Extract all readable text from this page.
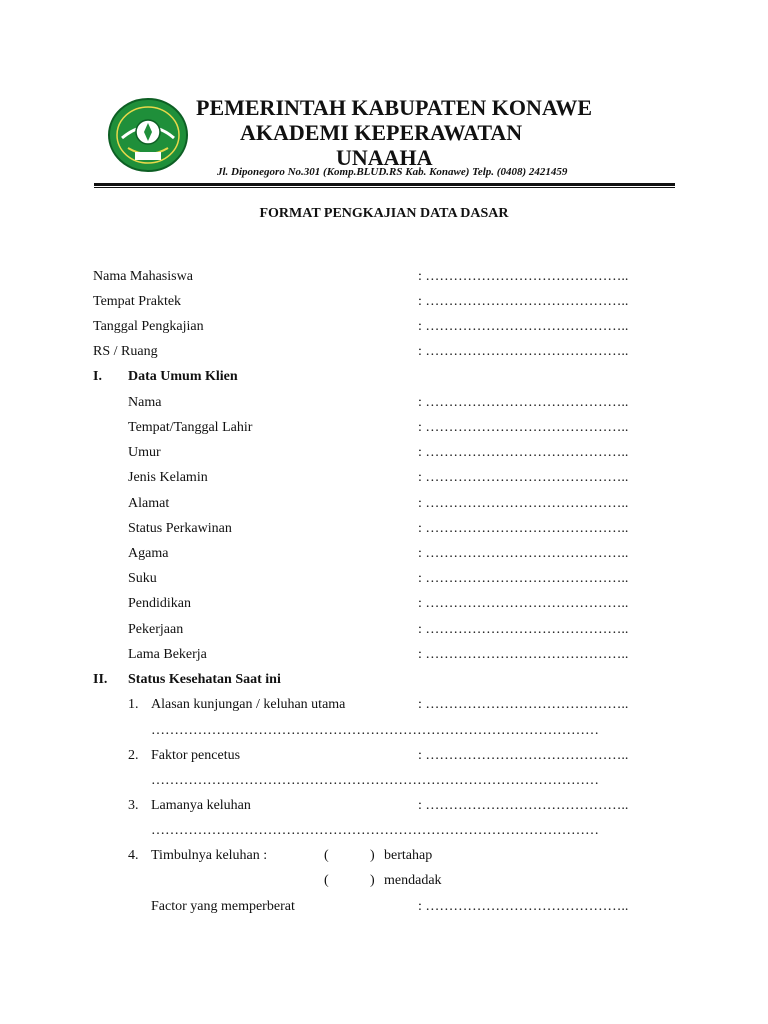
PEMERINTAH KABUPATEN KONAWE
AKADEMI KEPERAWATAN
UNAAHA
Jl. Diponegoro No.301 (Komp.BLUD.RS Kab. Konawe) Telp. (0408) 2421459
FORMAT PENGKAJIAN DATA DASAR
Nama Mahasiswa	: ……………………………………..
Tempat Praktek	: ……………………………………..
Tanggal Pengkajian	: ……………………………………..
RS / Ruang	: ……………………………………..
I. Data Umum Klien
Nama	: ……………………………………..
Tempat/Tanggal Lahir	: ……………………………………..
Umur	: ……………………………………..
Jenis Kelamin	: ……………………………………..
Alamat	: ……………………………………..
Status Perkawinan	: ……………………………………..
Agama	: ……………………………………..
Suku	: ……………………………………..
Pendidikan	: ……………………………………..
Pekerjaan	: ……………………………………..
Lama Bekerja	: ……………………………………..
II. Status Kesehatan Saat ini
1. Alasan kunjungan / keluhan utama	: ……………………………………..
……………………………………………………………………………………
2. Faktor pencetus	: ……………………………………..
……………………………………………………………………………………
3. Lamanya keluhan	: ……………………………………..
……………………………………………………………………………………
4. Timbulnya keluhan :	(	) bertahap
(	) mendadak
Factor yang memperberat	: ……………………………………..
